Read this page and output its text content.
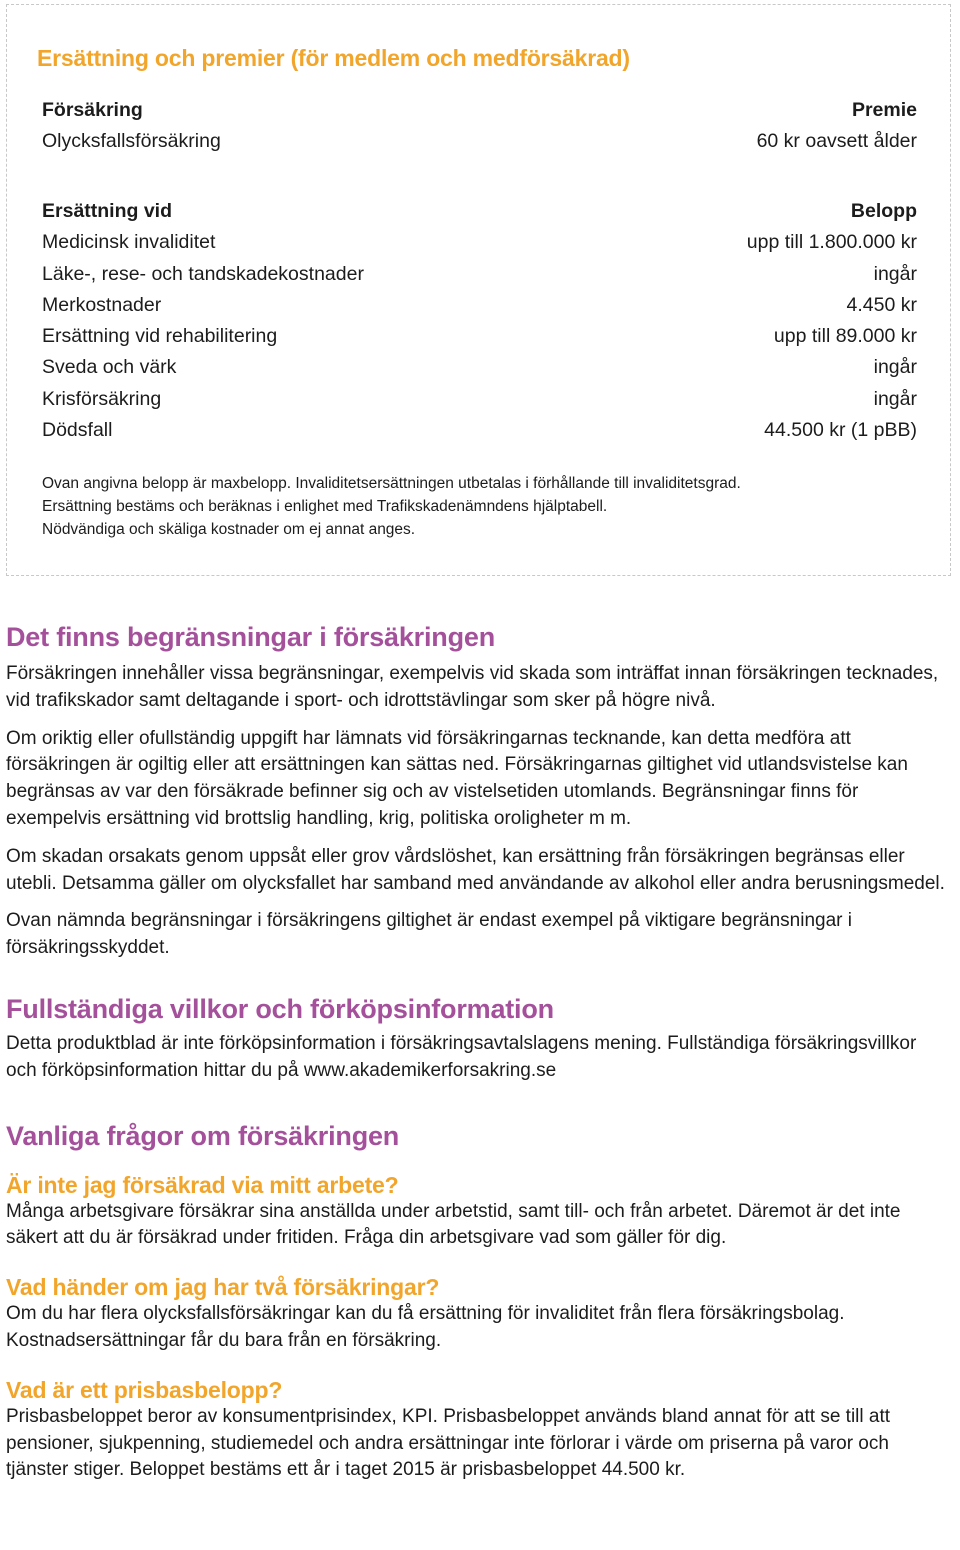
Ersättning och premier (för medlem och medförsäkrad)
Försäkring	Premie
Olycksfallsförsäkring	60 kr oavsett ålder
Ersättning vid	Belopp
Medicinsk invaliditet	upp till 1.800.000 kr
Läke-, rese- och tandskadekostnader	ingår
Merkostnader	4.450 kr
Ersättning vid rehabilitering	upp till 89.000 kr
Sveda och värk	ingår
Krisförsäkring	ingår
Dödsfall	44.500 kr (1 pBB)

Ovan angivna belopp är maxbelopp. Invaliditetsersättningen utbetalas i förhållande till invaliditetsgrad.

Ersättning bestäms och beräknas i enlighet med Trafikskadenämndens hjälptabell.

Nödvändiga och skäliga kostnader om ej annat anges.

Det finns begränsningar i försäkringen

Försäkringen innehåller vissa begränsningar, exempelvis vid skada som inträffat innan försäkringen tecknades, vid trafikskador samt deltagande i sport- och idrottstävlingar som sker på högre nivå.

Om oriktig eller ofullständig uppgift har lämnats vid försäkringarnas tecknande, kan detta medföra att försäkringen är ogiltig eller att ersättningen kan sättas ned. Försäkringarnas giltighet vid utlandsvistelse kan begränsas av var den försäkrade befinner sig och av vistelsetiden utomlands. Begränsningar finns för exempelvis ersättning vid brottslig handling, krig, politiska oroligheter m m.

Om skadan orsakats genom uppsåt eller grov vårdslöshet, kan ersättning från försäkringen begränsas eller utebli. Detsamma gäller om olycksfallet har samband med användande av alkohol eller andra berusningsmedel.

Ovan nämnda begränsningar i försäkringens giltighet är endast exempel på viktigare begränsningar i försäkringsskyddet.

Fullständiga villkor och förköpsinformation

Detta produktblad är inte förköpsinformation i försäkringsavtalslagens mening. Fullständiga försäkringsvillkor och förköpsinformation hittar du på www.akademikerforsakring.se

Vanliga frågor om försäkringen
Är inte jag försäkrad via mitt arbete?

Många arbetsgivare försäkrar sina anställda under arbetstid, samt till- och från arbetet. Däremot är det inte säkert att du är försäkrad under fritiden. Fråga din arbetsgivare vad som gäller för dig.

Vad händer om jag har två försäkringar?

Om du har flera olycksfallsförsäkringar kan du få ersättning för invaliditet från flera försäkringsbolag. Kostnadsersättningar får du bara från en försäkring.

Vad är ett prisbasbelopp?

Prisbasbeloppet beror av konsumentprisindex, KPI. Prisbasbeloppet används bland annat för att se till att pensioner, sjukpenning, studiemedel och andra ersättningar inte förlorar i värde om priserna på varor och tjänster stiger. Beloppet bestäms ett år i taget 2015 är prisbasbeloppet 44.500 kr.
